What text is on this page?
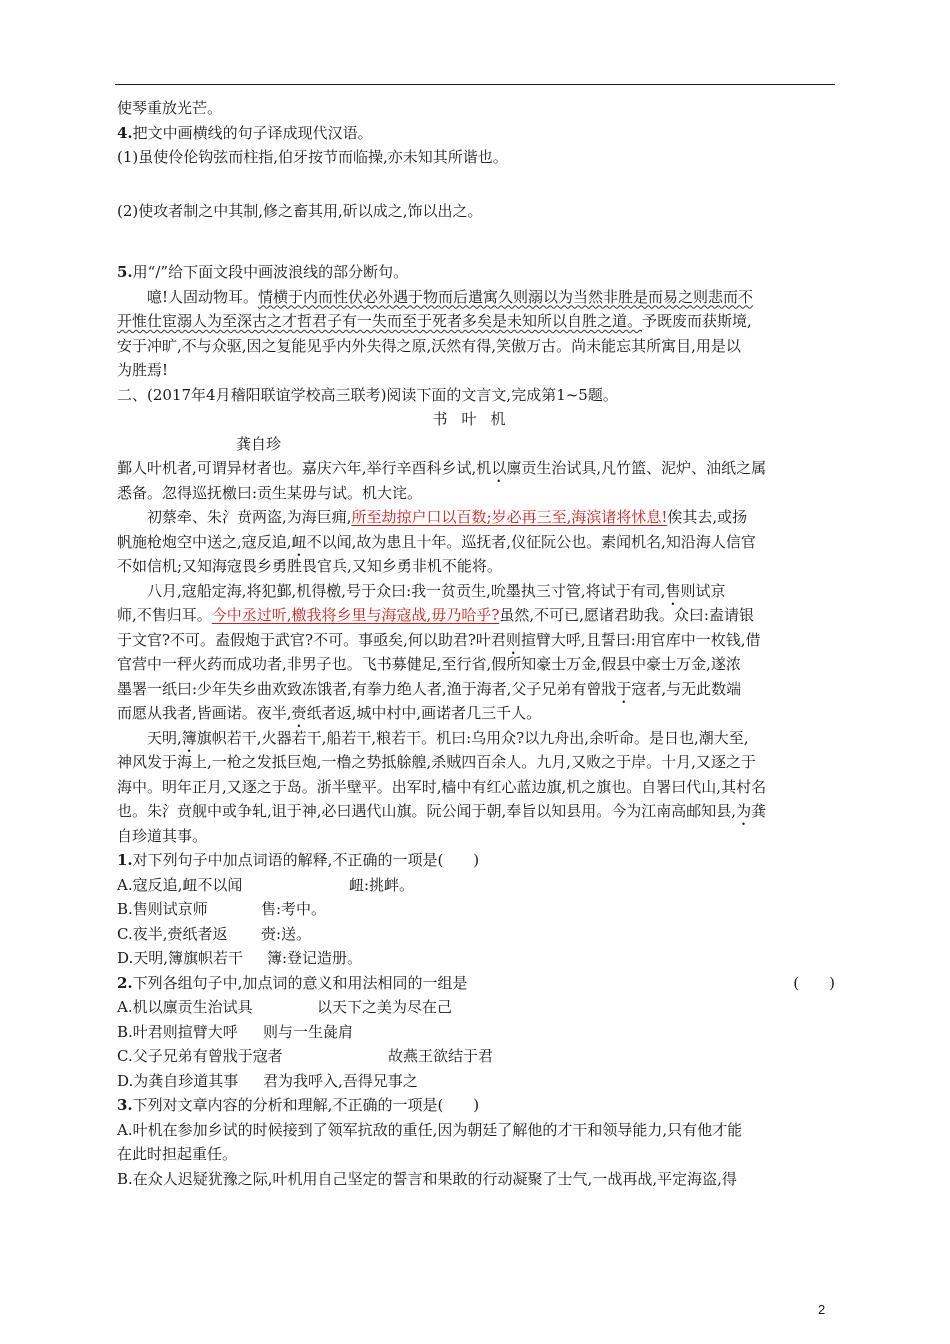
使琴重放光芒。
4.把文中画横线的句子译成现代汉语。
(1)虽使伶伦钩弦而柱指,伯牙按节而临操,亦未知其所谐也。
(2)使攻者制之中其制,修之畜其用,斫以成之,饰以出之。
5.用“/”给下面文段中画波浪线的部分断句。
噫!人固动物耳。情横于内而性伏必外遇于物而后遣寓久则溺以为当然非胜是而易之则悲而不
开惟仕宦溺人为至深古之才哲君子有一失而至于死者多矣是未知所以自胜之道。予既废而获斯境,
安于冲旷,不与众驱,因之复能见乎内外失得之原,沃然有得,笑傲万古。尚未能忘其所寓目,用是以
为胜焉!
二、(2017年4月稽阳联谊学校高三联考)阅读下面的文言文,完成第1~5题。
书叶机
龚自珍
鄞人叶机者,可谓异材者也。嘉庆六年,举行辛酉科乡试,机以廪贡生治试具,凡竹篮、泥炉、油纸之属
悉备。忽得巡抚檄曰:贡生某毋与试。机大诧。
初蔡牵、朱氵贲两盗,为海巨痈,所至劫掠户口以百数;岁必再三至,海滨诸将怵息!俟其去,或扬
帆施枪炮空中送之,寇反追,衄不以闻,故为患且十年。巡抚者,仪征阮公也。素闻机名,知沿海人信官
不如信机;又知海寇畏乡勇胜畏官兵,又知乡勇非机不能将。
八月,寇船定海,将犯鄞,机得檄,号于众曰:我一贫贡生,吮墨执三寸管,将试于有司,售则试京
师,不售归耳。今中丞过听,檄我将乡里与海寇战,毋乃哈乎?虽然,不可已,愿诸君助我。众曰:盍请银
于文官?不可。盍假炮于武官?不可。事亟矣,何以助君?叶君则揎臂大呼,且誓曰:用官库中一枚钱,借
官营中一秤火药而成功者,非男子也。飞书募健足,至行省,假所知豪士万金,假县中豪士万金,遂浓
墨署一纸曰:少年失乡曲欢致冻饿者,有拳力绝人者,渔于海者,父子兄弟有曾戕于寇者,与无此数端
而愿从我者,皆画诺。夜半,赍纸者返,城中村中,画诺者几三千人。
天明,簿旗帜若干,火器若干,船若干,粮若干。机曰:乌用众?以九舟出,余听命。是日也,潮大至,
神风发于海上,一枪之发抵巨炮,一橹之势抵艅艎,杀贼四百余人。九月,又败之于岸。十月,又逐之于
海中。明年正月,又逐之于岛。浙半壁平。出军时,樯中有红心蓝边旗,机之旗也。自署曰代山,其村名
也。朱氵贲舰中或争轧,诅于神,必曰遇代山旗。阮公闻于朝,奉旨以知县用。今为江南高邮知县,为龚
自珍道其事。
1.对下列句子中加点词语的解释,不正确的一项是(　　)
A.寇反追,衄不以闻	衄:挑衅。
B.售则试京师	售:考中。
C.夜半,赍纸者返 赍:送。
D.天明,簿旗帜若干 簿:登记造册。
2.下列各组句子中,加点词的意义和用法相同的一组是	(　　)
A.机以廪贡生治试具	以天下之美为尽在己
B.叶君则揎臂大呼 则与一生彘肩
C.父子兄弟有曾戕于寇者	故燕王欲结于君
D.为龚自珍道其事 君为我呼入,吾得兄事之
3.下列对文章内容的分析和理解,不正确的一项是(　　)
A.叶机在参加乡试的时候接到了领军抗敌的重任,因为朝廷了解他的才干和领导能力,只有他才能
在此时担起重任。
B.在众人迟疑犹豫之际,叶机用自己坚定的誓言和果敢的行动凝聚了士气,一战再战,平定海盗,得
2
